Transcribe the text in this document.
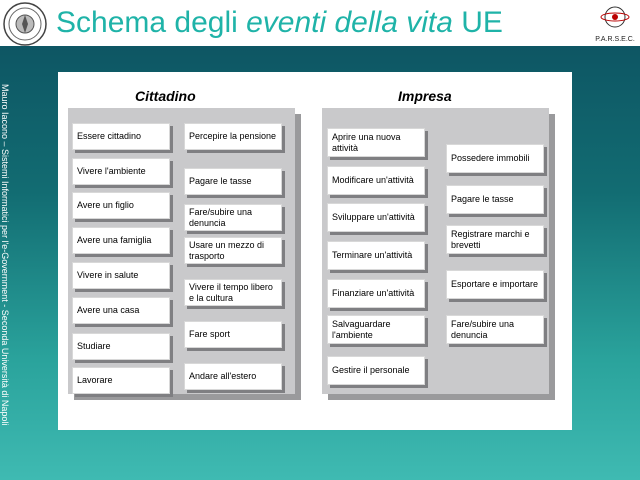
Schema degli eventi della vita UE
P.A.R.S.E.C.
Mauro Iacono – Sistemi Informatici per l'e-Government - Seconda Università di Napoli	Cittadino	Impresa
Essere cittadino
Vivere l'ambiente
Avere un figlio
Avere una famiglia
Vivere in salute
Avere una casa
Studiare
Lavorare
Percepire la pensione
Pagare le tasse
Fare/subire una denuncia
Usare un mezzo di trasporto
Vivere il tempo libero e la cultura
Fare sport
Andare all'estero
Aprire una nuova attività
Modificare un'attività
Sviluppare un'attività
Terminare un'attività
Finanziare un'attività
Salvaguardare l'ambiente
Gestire il personale
Possedere immobili
Pagare le tasse
Registrare marchi e brevetti
Esportare e importare
Fare/subire una denuncia
